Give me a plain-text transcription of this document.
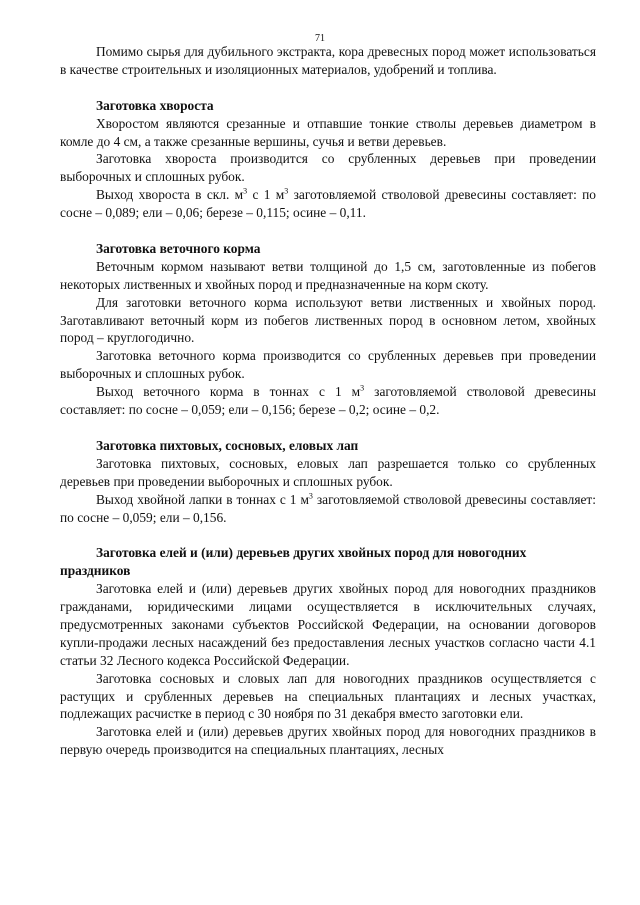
71

Помимо сырья для дубильного экстракта, кора древесных пород может использоваться в качестве строительных и изоляционных материалов, удобрений и топлива.

Заготовка хвороста

Хворостом являются срезанные и отпавшие тонкие стволы деревьев диаметром в комле до 4 см, а также срезанные вершины, сучья и ветви деревьев.

Заготовка хвороста производится со срубленных деревьев при проведении выборочных и сплошных рубок.

Выход хвороста в скл. $м^3$ с 1 $м^3$ заготовляемой стволовой древесины составляет: по сосне – 0,089; ели – 0,06; березе – 0,115; осине – 0,11.

Заготовка веточного корма

Веточным кормом называют ветви толщиной до 1,5 см, заготовленные из побегов некоторых лиственных и хвойных пород и предназначенные на корм скоту.

Для заготовки веточного корма используют ветви лиственных и хвойных пород. Заготавливают веточный корм из побегов лиственных пород в основном летом, хвойных пород – круглогодично.

Заготовка веточного корма производится со срубленных деревьев при проведении выборочных и сплошных рубок.

Выход веточного корма в тоннах с 1 $м^3$ заготовляемой стволовой древесины составляет: по сосне – 0,059; ели – 0,156; березе – 0,2; осине – 0,2.

Заготовка пихтовых, сосновых, еловых лап

Заготовка пихтовых, сосновых, еловых лап разрешается только со срубленных деревьев при проведении выборочных и сплошных рубок.

Выход хвойной лапки в тоннах с 1 $м^3$ заготовляемой стволовой древесины составляет: по сосне – 0,059; ели – 0,156.

Заготовка елей и (или) деревьев других хвойных пород для новогодних праздников

Заготовка елей и (или) деревьев других хвойных пород для новогодних праздников гражданами, юридическими лицами осуществляется в исключительных случаях, предусмотренных законами субъектов Российской Федерации, на основании договоров купли-продажи лесных насаждений без предоставления лесных участков согласно части 4.1 статьи 32 Лесного кодекса Российской Федерации.

Заготовка сосновых и словых лап для новогодних праздников осуществляется с растущих и срубленных деревьев на специальных плантациях и лесных участках, подлежащих расчистке в период с 30 ноября по 31 декабря вместо заготовки ели.

Заготовка елей и (или) деревьев других хвойных пород для новогодних праздников в первую очередь производится на специальных плантациях, лесных
